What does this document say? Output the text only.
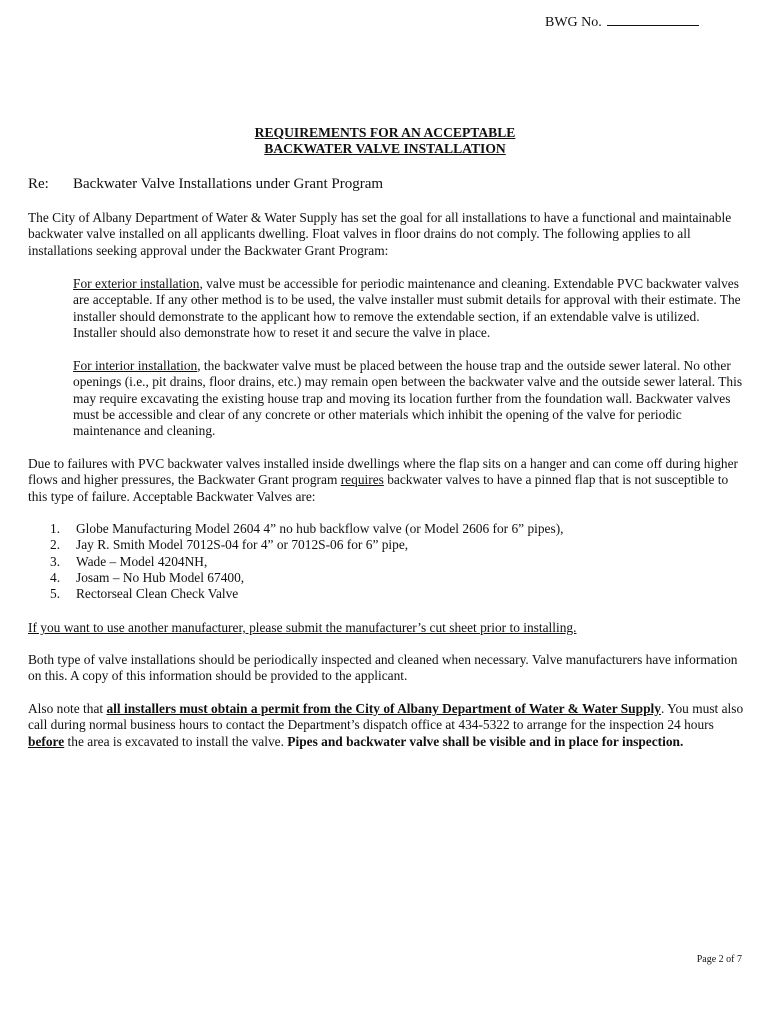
BWG No.
REQUIREMENTS FOR AN ACCEPTABLE
BACKWATER VALVE INSTALLATION
Re: Backwater Valve Installations under Grant Program
The City of Albany Department of Water & Water Supply has set the goal for all installations to have a functional and maintainable backwater valve installed on all applicants dwelling. Float valves in floor drains do not comply. The following applies to all installations seeking approval under the Backwater Grant Program:
For exterior installation, valve must be accessible for periodic maintenance and cleaning. Extendable PVC backwater valves are acceptable. If any other method is to be used, the valve installer must submit details for approval with their estimate. The installer should demonstrate to the applicant how to remove the extendable section, if an extendable valve is utilized. Installer should also demonstrate how to reset it and secure the valve in place.
For interior installation, the backwater valve must be placed between the house trap and the outside sewer lateral. No other openings (i.e., pit drains, floor drains, etc.) may remain open between the backwater valve and the outside sewer lateral. This may require excavating the existing house trap and moving its location further from the foundation wall. Backwater valves must be accessible and clear of any concrete or other materials which inhibit the opening of the valve for periodic maintenance and cleaning.
Due to failures with PVC backwater valves installed inside dwellings where the flap sits on a hanger and can come off during higher flows and higher pressures, the Backwater Grant program requires backwater valves to have a pinned flap that is not susceptible to this type of failure. Acceptable Backwater Valves are:
1. Globe Manufacturing Model 2604 4” no hub backflow valve (or Model 2606 for 6” pipes),
2. Jay R. Smith Model 7012S-04 for 4” or 7012S-06 for 6” pipe,
3. Wade – Model 4204NH,
4. Josam – No Hub Model 67400,
5. Rectorseal Clean Check Valve
If you want to use another manufacturer, please submit the manufacturer’s cut sheet prior to installing.
Both type of valve installations should be periodically inspected and cleaned when necessary. Valve manufacturers have information on this. A copy of this information should be provided to the applicant.
Also note that all installers must obtain a permit from the City of Albany Department of Water & Water Supply. You must also call during normal business hours to contact the Department’s dispatch office at 434-5322 to arrange for the inspection 24 hours before the area is excavated to install the valve. Pipes and backwater valve shall be visible and in place for inspection.
Page 2 of 7
